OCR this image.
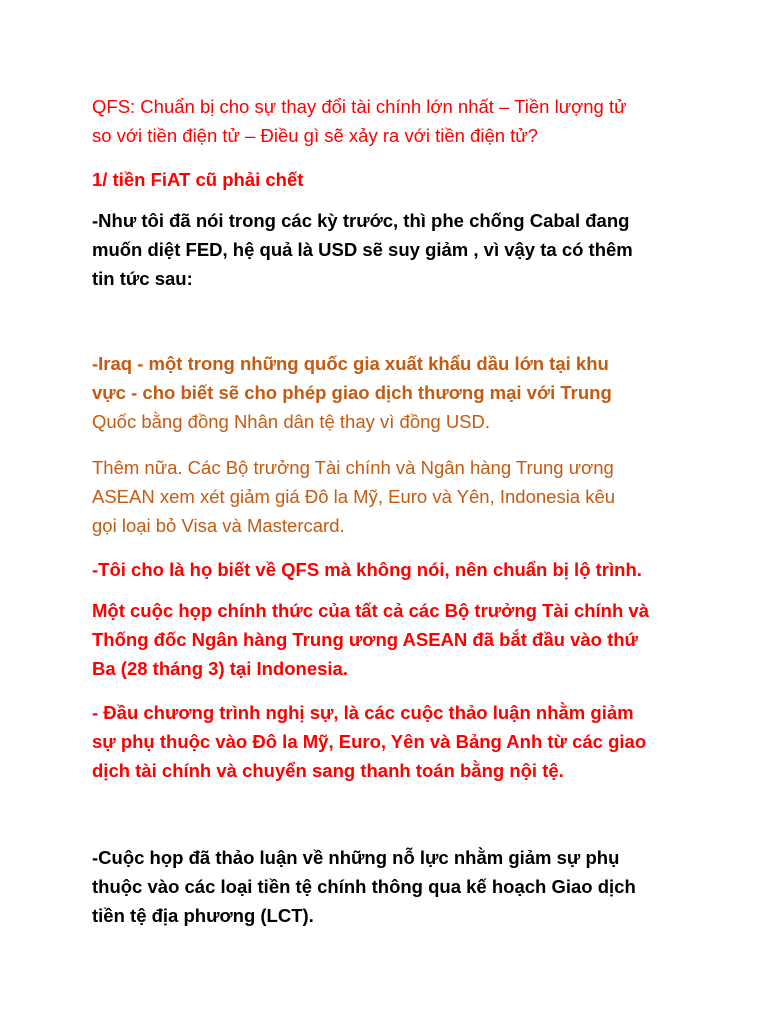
QFS: Chuẩn bị cho sự thay đổi tài chính lớn nhất – Tiền lượng tử
so với tiền điện tử – Điều gì sẽ xảy ra với tiền điện tử?

1/ tiền FiAT cũ phải chết

-Như tôi đã nói trong các kỳ trước, thì phe chống Cabal đang
muốn diệt FED, hệ quả là USD sẽ suy giảm , vì vậy ta có thêm
tin tức sau:

-Iraq - một trong những quốc gia xuất khẩu dầu lớn tại khu
vực - cho biết sẽ cho phép giao dịch thương mại với Trung
Quốc bằng đồng Nhân dân tệ thay vì đồng USD.

Thêm nữa. Các Bộ trưởng Tài chính và Ngân hàng Trung ương
ASEAN xem xét giảm giá Đô la Mỹ, Euro và Yên, Indonesia kêu
gọi loại bỏ Visa và Mastercard.

-Tôi cho là họ biết về QFS mà không nói, nên chuẩn bị lộ trình.

Một cuộc họp chính thức của tất cả các Bộ trưởng Tài chính và
Thống đốc Ngân hàng Trung ương ASEAN đã bắt đầu vào thứ
Ba (28 tháng 3) tại Indonesia.

- Đầu chương trình nghị sự, là các cuộc thảo luận nhằm giảm
sự phụ thuộc vào Đô la Mỹ, Euro, Yên và Bảng Anh từ các giao
dịch tài chính và chuyển sang thanh toán bằng nội tệ.

-Cuộc họp đã thảo luận về những nỗ lực nhằm giảm sự phụ
thuộc vào các loại tiền tệ chính thông qua kế hoạch Giao dịch
tiền tệ địa phương (LCT).
